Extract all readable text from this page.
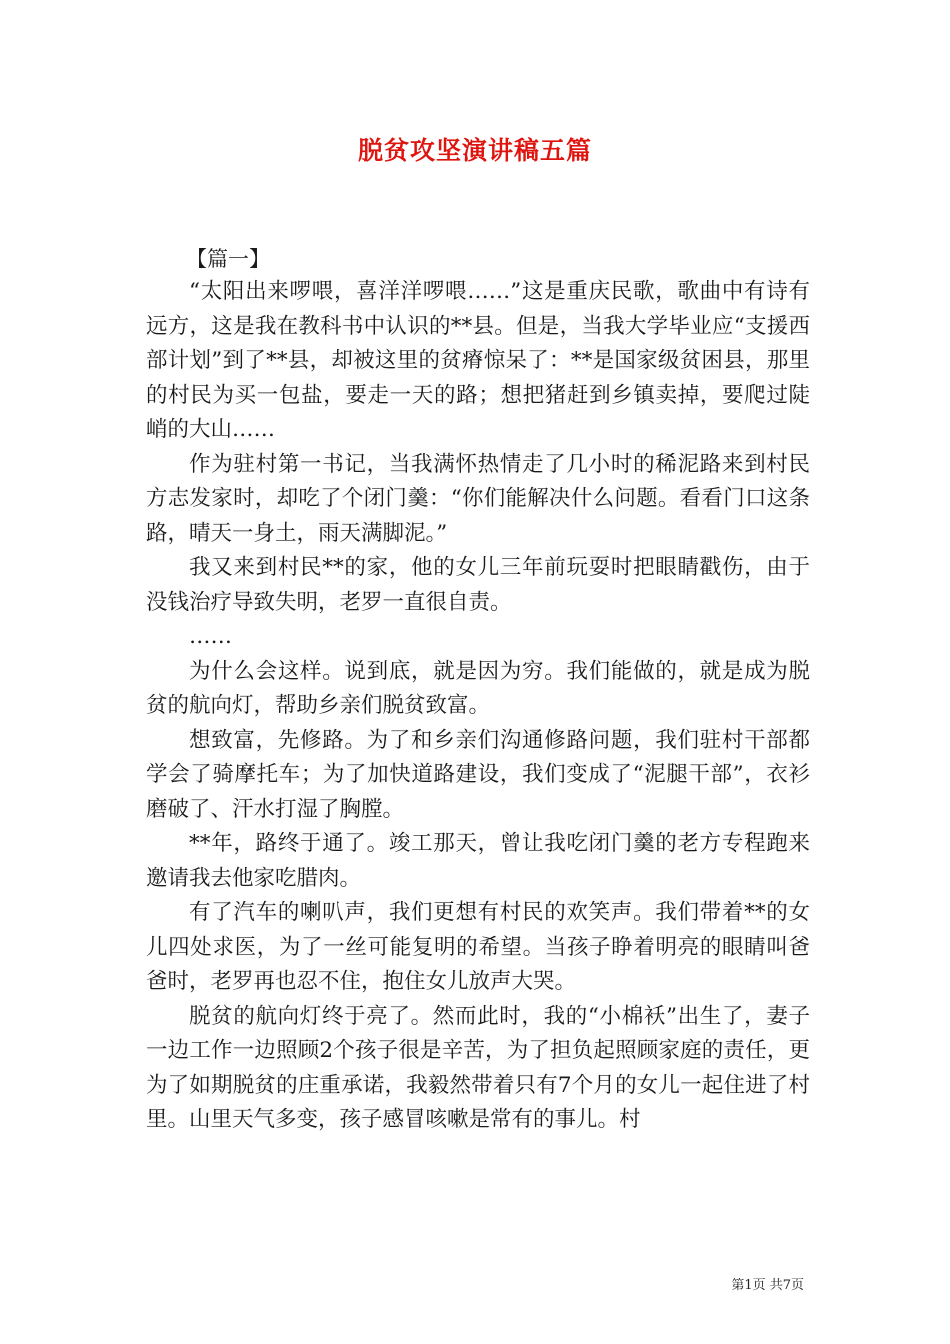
脱贫攻坚演讲稿五篇
【篇一】

“太阳出来啰喂，喜洋洋啰喂……”这是重庆民歌，歌曲中有诗有远方，这是我在教科书中认识的**县。但是，当我大学毕业应“支援西部计划”到了**县，却被这里的贫瘠惊呆了：**是国家级贫困县，那里的村民为买一包盐，要走一天的路；想把猪赶到乡镇卖掉，要爬过陡峭的大山……

作为驻村第一书记，当我满怀热情走了几小时的稀泥路来到村民方志发家时，却吃了个闭门羹：“你们能解决什么问题。看看门口这条路，晴天一身土，雨天满脚泥。”

我又来到村民**的家，他的女儿三年前玩耍时把眼睛戳伤，由于没钱治疗导致失明，老罗一直很自责。

……

为什么会这样。说到底，就是因为穷。我们能做的，就是成为脱贫的航向灯，帮助乡亲们脱贫致富。

想致富，先修路。为了和乡亲们沟通修路问题，我们驻村干部都学会了骑摩托车；为了加快道路建设，我们变成了“泥腿干部”，衣衫磨破了、汗水打湿了胸膛。

**年，路终于通了。竣工那天，曾让我吃闭门羹的老方专程跑来邀请我去他家吃腊肉。

有了汽车的喇叭声，我们更想有村民的欢笑声。我们带着**的女儿四处求医，为了一丝可能复明的希望。当孩子睁着明亮的眼睛叫爸爸时，老罗再也忍不住，抱住女儿放声大哭。

脱贫的航向灯终于亮了。然而此时，我的“小棉袄”出生了，妻子一边工作一边照顾2个孩子很是辛苦，为了担负起照顾家庭的责任，更为了如期脱贫的庄重承诺，我毅然带着只有7个月的女儿一起住进了村里。山里天气多变，孩子感冒咳嗽是常有的事儿。村

第1页 共7页
